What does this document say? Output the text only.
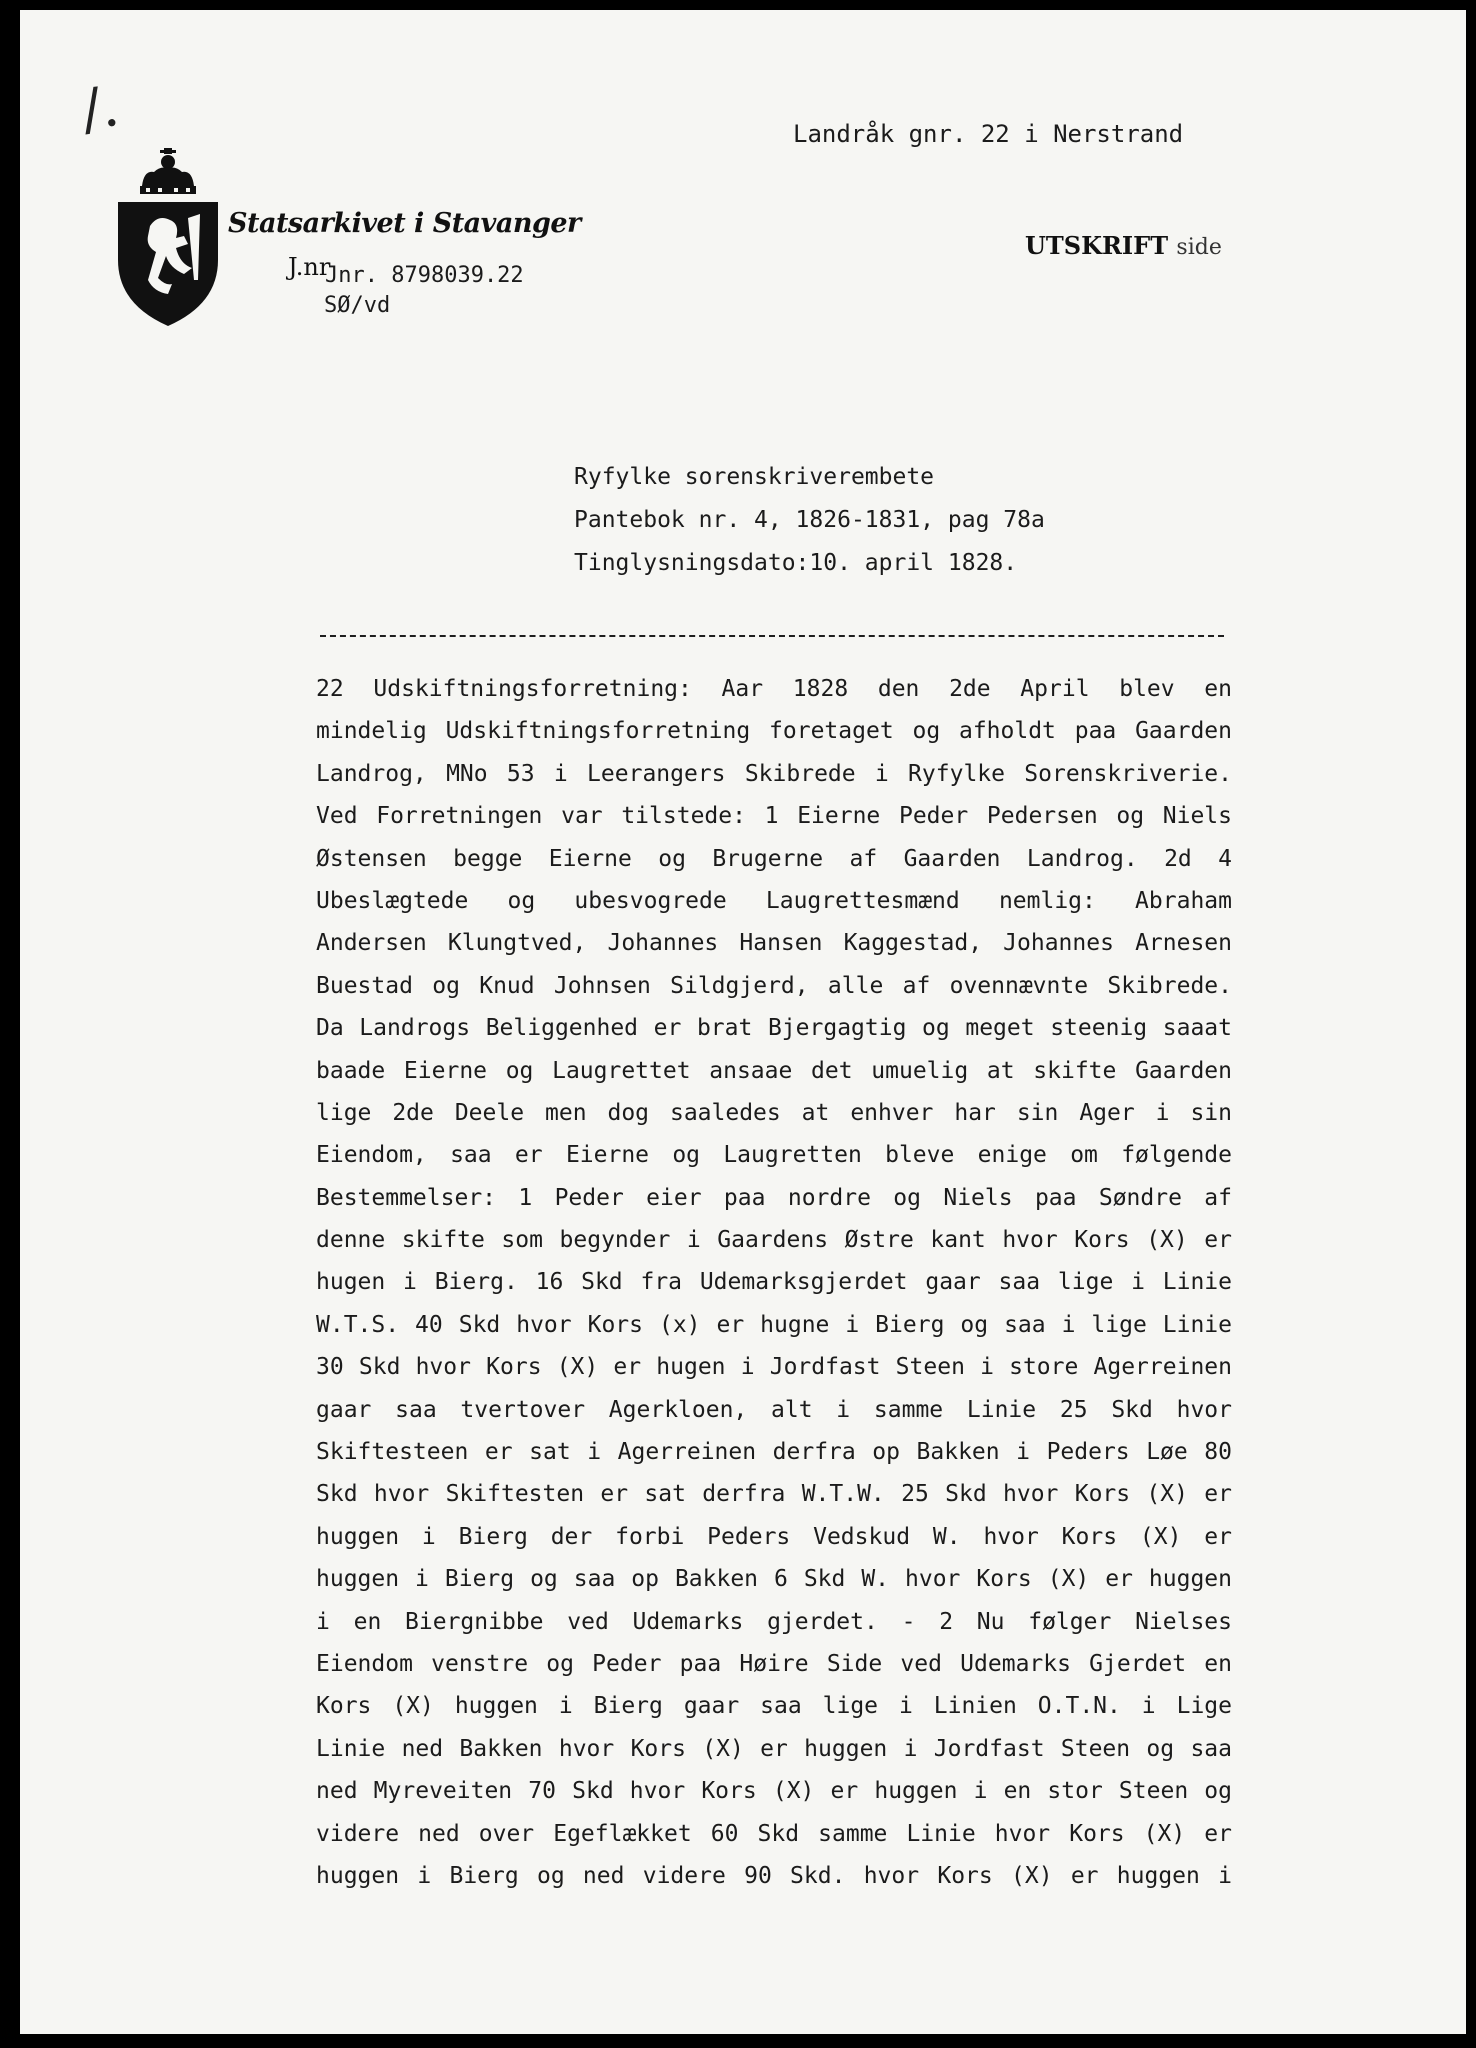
/.	Landråk gnr. 22 i Nerstrand
Statsarkivet i Stavanger
J.nr
Jnr. 8798039.22
SØ/vd
UTSKRIFT side
Ryfylke sorenskriverembete
Pantebok nr. 4, 1826-1831, pag 78a
Tinglysningsdato:10. april 1828.
22 Udskiftningsforretning: Aar 1828 den 2de April blev en
mindelig Udskiftningsforretning foretaget og afholdt paa Gaarden
Landrog, MNo 53 i Leerangers Skibrede i Ryfylke Sorenskriverie.
Ved Forretningen var tilstede: 1 Eierne Peder Pedersen og Niels
Østensen begge Eierne og Brugerne af Gaarden Landrog. 2d 4
Ubeslægtede og ubesvogrede Laugrettesmænd nemlig: Abraham
Andersen Klungtved, Johannes Hansen Kaggestad, Johannes Arnesen
Buestad og Knud Johnsen Sildgjerd, alle af ovennævnte Skibrede.
Da Landrogs Beliggenhed er brat Bjergagtig og meget steenig saaat
baade Eierne og Laugrettet ansaae det umuelig at skifte Gaarden
lige 2de Deele men dog saaledes at enhver har sin Ager i sin
Eiendom, saa er Eierne og Laugretten bleve enige om følgende
Bestemmelser: 1 Peder eier paa nordre og Niels paa Søndre af
denne skifte som begynder i Gaardens Østre kant hvor Kors (X) er
hugen i Bierg. 16 Skd fra Udemarksgjerdet gaar saa lige i Linie
W.T.S. 40 Skd hvor Kors (x) er hugne i Bierg og saa i lige Linie
30 Skd hvor Kors (X) er hugen i Jordfast Steen i store Agerreinen
gaar saa tvertover Agerkloen, alt i samme Linie 25 Skd hvor
Skiftesteen er sat i Agerreinen derfra op Bakken i Peders Løe 80
Skd hvor Skiftesten er sat derfra W.T.W. 25 Skd hvor Kors (X) er
huggen i Bierg der forbi Peders Vedskud W. hvor Kors (X) er
huggen i Bierg og saa op Bakken 6 Skd W. hvor Kors (X) er huggen
i en Biergnibbe ved Udemarks gjerdet. - 2 Nu følger Nielses
Eiendom venstre og Peder paa Høire Side ved Udemarks Gjerdet en
Kors (X) huggen i Bierg gaar saa lige i Linien O.T.N. i Lige
Linie ned Bakken hvor Kors (X) er huggen i Jordfast Steen og saa
ned Myreveiten 70 Skd hvor Kors (X) er huggen i en stor Steen og
videre ned over Egeflækket 60 Skd samme Linie hvor Kors (X) er
huggen i Bierg og ned videre 90 Skd. hvor Kors (X) er huggen i
